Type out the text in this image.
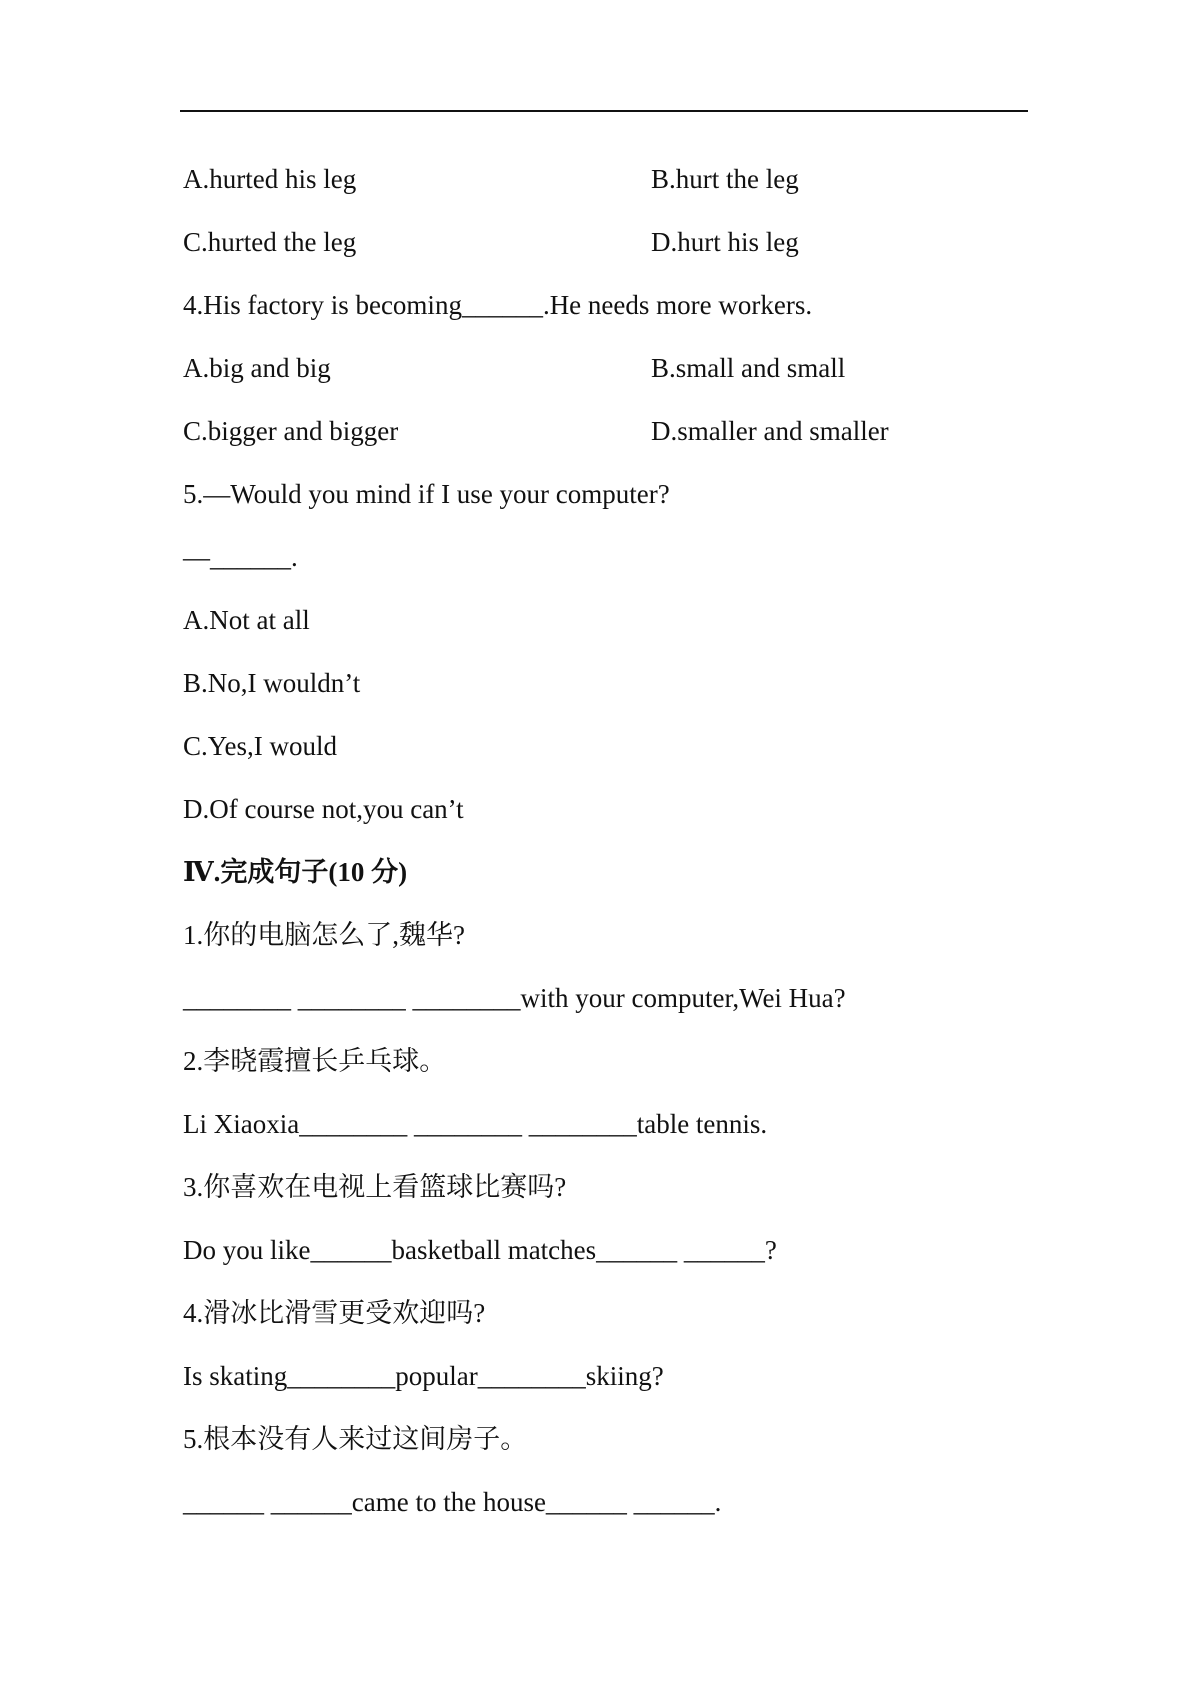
A.hurted his leg

	B.hurt the leg

C.hurted the leg

	D.hurt his leg

4.His factory is becoming______.He needs more workers.

A.big and big

	B.small and small

C.bigger and bigger

	D.smaller and smaller

5.—Would you mind if I use your computer?
—______.
A.Not at all
B.No,I wouldn’t
C.Yes,I would
D.Of course not,you can’t
Ⅳ.完成句子(10 分)
1.你的电脑怎么了,魏华?
________ ________ ________with your computer,Wei Hua?
2.李晓霞擅长乒乓球。
Li Xiaoxia________ ________ ________table tennis.
3.你喜欢在电视上看篮球比赛吗?
Do you like______basketball matches______ ______?
4.滑冰比滑雪更受欢迎吗?
Is skating________popular________skiing?
5.根本没有人来过这间房子。
______ ______came to the house______ ______.
